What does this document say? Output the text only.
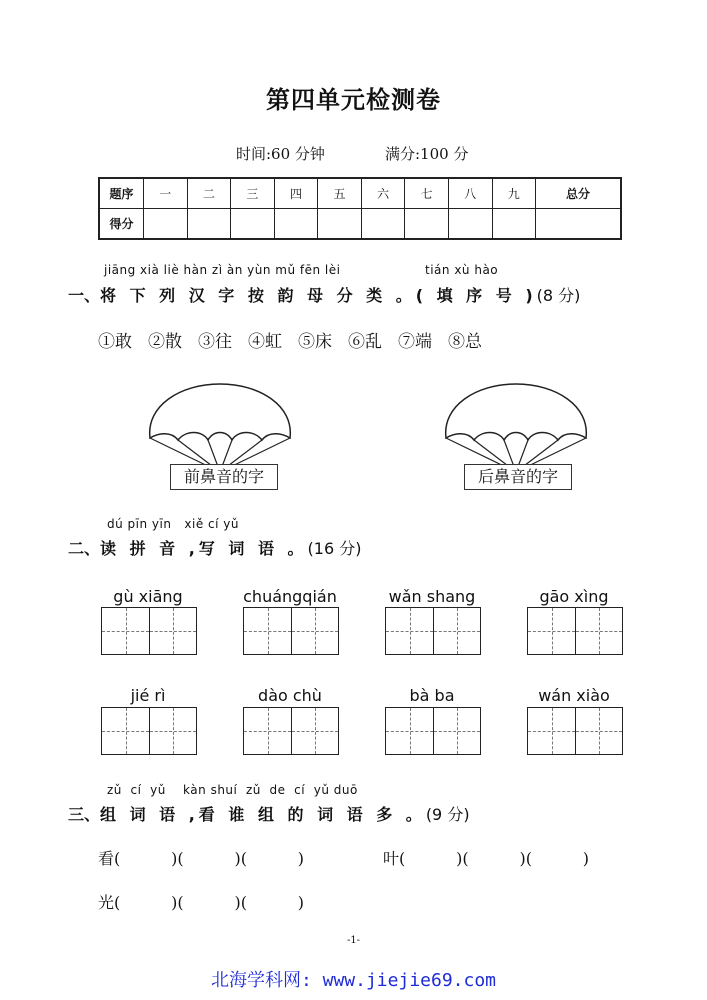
第四单元检测卷
时间:60 分钟	满分:100 分
题序	一	二	三	四	五	六	七	八	九	总分
得分										
jiāng xià liè hàn zì àn yùn mǔ fēn lèi	tián xù hào
一、将 下 列 汉 字 按 韵 母 分 类 。( 填 序 号 )(8 分)
①敢 ②散 ③往 ④虹 ⑤床 ⑥乱 ⑦端 ⑧总
前鼻音的字	后鼻音的字
dú pīn yīn   xiě cí yǔ
二、读 拼 音 ,写 词 语 。(16 分)
gù xiāng	chuángqián	wǎn shang	gāo xìng
jié rì	dào chù	bà ba	wán xiào
zǔ  cí  yǔ    kàn shuí  zǔ  de  cí  yǔ duō
三、组 词 语 ,看 谁 组 的 词 语 多 。(9 分)
看(          )(          )(          )	叶(          )(          )(          )
光(          )(          )(          )
-1-
北海学科网: www.jiejie69.com
